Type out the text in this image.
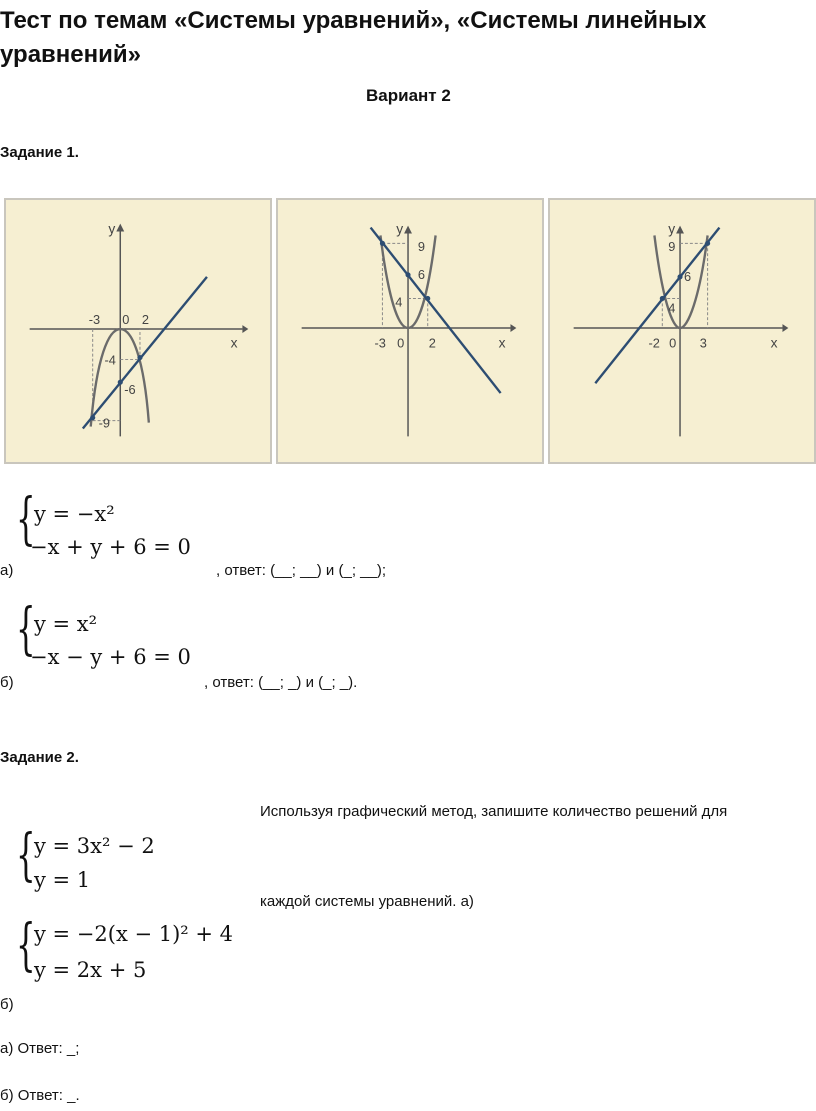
Тест по темам «Системы уравнений», «Системы линейных уравнений»
Вариант 2
Задание 1.
y
x
-3 0 2
-4
-6
-9
y
x
9
6
4
-3 0 2
y
x
9
6
4
-2 0 3
а)
{
y = −x²
−x + y + 6 = 0
, ответ: (__; __) и (_; __);
б)
{
y = x²
−x − y + 6 = 0
, ответ: (__; _) и (_; _).
Задание 2.
Используя графический метод, запишите количество решений для
{
y = 3x² − 2
y = 1
каждой системы уравнений. а)
{
y = −2(x − 1)² + 4
y = 2x + 5
б)
а) Ответ: _;
б) Ответ: _.
